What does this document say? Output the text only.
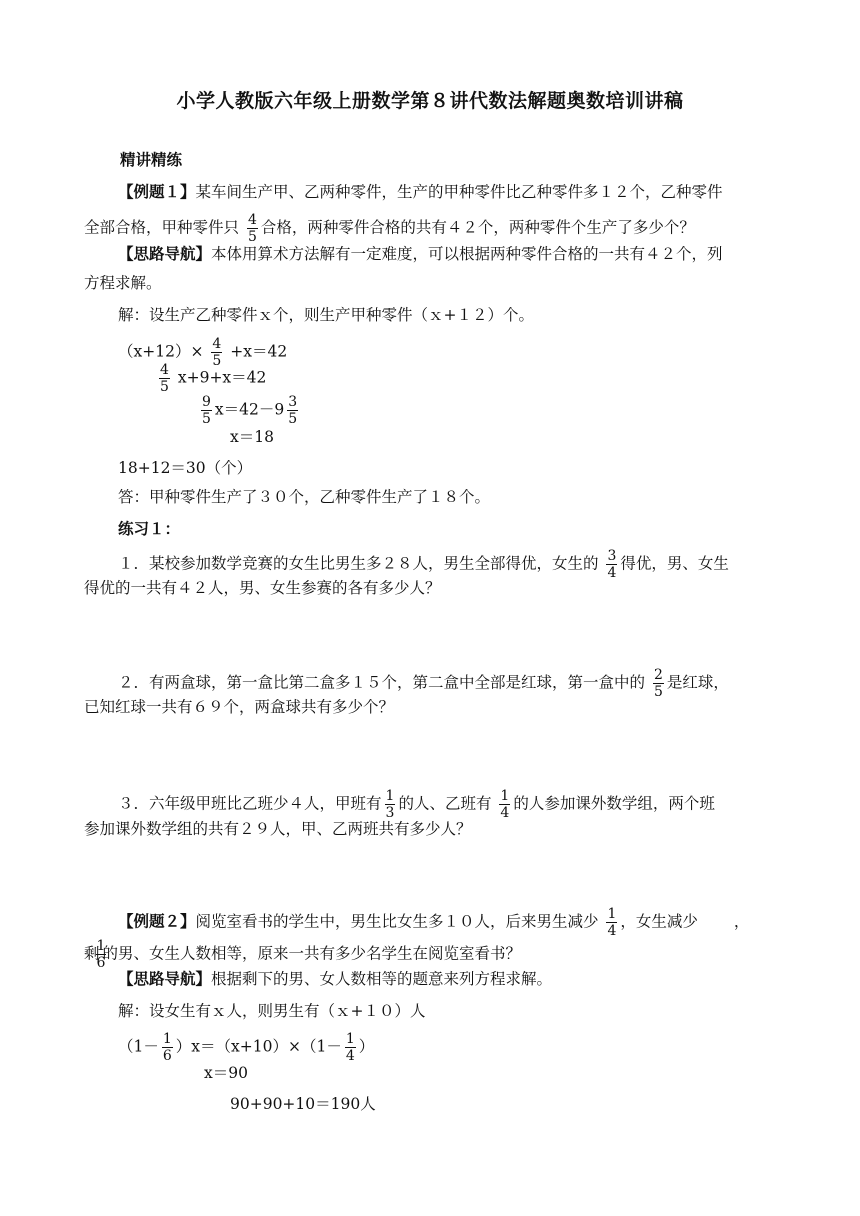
小学人教版六年级上册数学第８讲代数法解题奥数培训讲稿
精讲精练
【例题１】某车间生产甲、乙两种零件，生产的甲种零件比乙种零件多１２个，乙种零件
全部合格，甲种零件只 $\frac{4}{5}$ 合格，两种零件合格的共有４２个，两种零件个生产了多少个？
【思路导航】本体用算术方法解有一定难度，可以根据两种零件合格的一共有４２个，列
方程求解。
解：设生产乙种零件ｘ个，则生产甲种零件（ｘ+１２）个。
$(x+12)\times \frac{4}{5} +x=42$
$\frac{4}{5} x+9+x=42$
$\frac{9}{5} x=42-9 \frac{3}{5}$
x＝18
18+12＝30（个）
答：甲种零件生产了３０个，乙种零件生产了１８个。
练习１：
１．某校参加数学竞赛的女生比男生多２８人，男生全部得优，女生的 $\frac{3}{4}$ 得优，男、女生
得优的一共有４２人，男、女生参赛的各有多少人？
２．有两盒球，第一盒比第二盒多１５个，第二盒中全部是红球，第一盒中的 $\frac{2}{5}$ 是红球，
已知红球一共有６９个，两盒球共有多少个？
３．六年级甲班比乙班少４人，甲班有 $\frac{1}{3}$ 的人、乙班有 $\frac{1}{4}$ 的人参加课外数学组，两个班
参加课外数学组的共有２９人，甲、乙两班共有多少人？
【例题２】阅览室看书的学生中，男生比女生多１０人，后来男生减少 $\frac{1}{4}$ ，女生减少 ，
剩
$\frac{1}{6}$
的男、女生人数相等，原来一共有多少名学生在阅览室看书？
【思路导航】根据剩下的男、女人数相等的题意来列方程求解。
解：设女生有ｘ人，则男生有（ｘ+１０）人
$(1- \frac{1}{6} )x=(x+10)\times(1- \frac{1}{4}$ ）
x＝90
90+90+10＝190人
